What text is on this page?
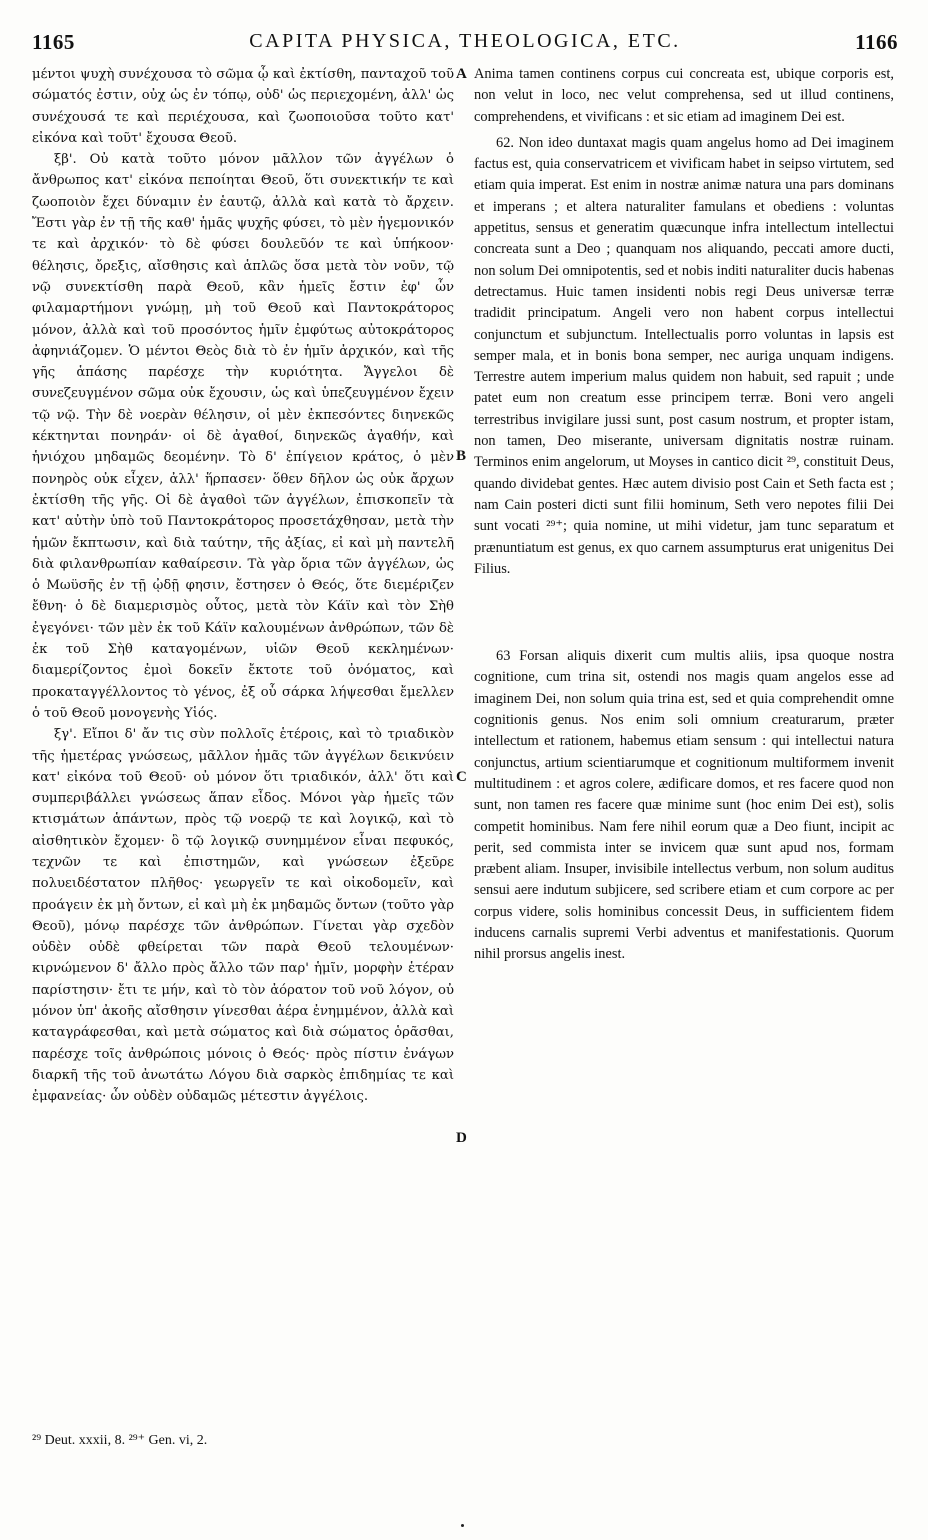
1165	CAPITA PHYSICA, THEOLOGICA, ETC.	1166

μέντοι ψυχὴ συνέχουσα τὸ σῶμα ᾧ καὶ ἐκτίσθη, πανταχοῦ τοῦ σώματός ἐστιν, οὐχ ὡς ἐν τόπῳ, οὐδ' ὡς περιεχομένη, ἀλλ' ὡς συνέχουσά τε καὶ περιέχουσα, καὶ ζωοποιοῦσα τοῦτο κατ' εἰκόνα καὶ τοῦτ' ἔχουσα Θεοῦ.

ξβ'. Οὐ κατὰ τοῦτο μόνον μᾶλλον τῶν ἀγγέλων ὁ ἄνθρωπος κατ' εἰκόνα πεποίηται Θεοῦ, ὅτι συνεκτικήν τε καὶ ζωοποιὸν ἔχει δύναμιν ἐν ἑαυτῷ, ἀλλὰ καὶ κατὰ τὸ ἄρχειν. Ἔστι γὰρ ἐν τῇ τῆς καθ' ἡμᾶς ψυχῆς φύσει, τὸ μὲν ἡγεμονικόν τε καὶ ἀρχικόν· τὸ δὲ φύσει δουλεῦόν τε καὶ ὑπήκοον· θέλησις, ὄρεξις, αἴσθησις καὶ ἁπλῶς ὅσα μετὰ τὸν νοῦν, τῷ νῷ συνεκτίσθη παρὰ Θεοῦ, κἂν ἡμεῖς ἔστιν ἐφ' ὧν φιλαμαρτήμονι γνώμῃ, μὴ τοῦ Θεοῦ καὶ Παντοκράτορος μόνον, ἀλλὰ καὶ τοῦ προσόντος ἡμῖν ἐμφύτως αὐτοκράτορος ἀφηνιάζομεν. Ὁ μέντοι Θεὸς διὰ τὸ ἐν ἡμῖν ἀρχικόν, καὶ τῆς γῆς ἁπάσης παρέσχε τὴν κυριότητα. Ἄγγελοι δὲ συνεζευγμένον σῶμα οὐκ ἔχουσιν, ὡς καὶ ὑπεζευγμένον ἔχειν τῷ νῷ. Τὴν δὲ νοερὰν θέλησιν, οἱ μὲν ἐκπεσόντες διηνεκῶς κέκτηνται πονηράν· οἱ δὲ ἀγαθοί, διηνεκῶς ἀγαθήν, καὶ ἡνιόχου μηδαμῶς δεομένην. Τὸ δ' ἐπίγειον κράτος, ὁ μὲν πονηρὸς οὐκ εἶχεν, ἀλλ' ἥρπασεν· ὅθεν δῆλον ὡς οὐκ ἄρχων ἐκτίσθη τῆς γῆς. Οἱ δὲ ἀγαθοὶ τῶν ἀγγέλων, ἐπισκοπεῖν τὰ κατ' αὐτὴν ὑπὸ τοῦ Παντοκράτορος προσετάχθησαν, μετὰ τὴν ἡμῶν ἔκπτωσιν, καὶ διὰ ταύτην, τῆς ἀξίας, εἰ καὶ μὴ παντελῆ διὰ φιλανθρωπίαν καθαίρεσιν. Τὰ γὰρ ὅρια τῶν ἀγγέλων, ὡς ὁ Μωϋσῆς ἐν τῇ ᾠδῇ φησιν, ἔστησεν ὁ Θεός, ὅτε διεμέριζεν ἔθνη· ὁ δὲ διαμερισμὸς οὗτος, μετὰ τὸν Κάϊν καὶ τὸν Σὴθ ἐγεγόνει· τῶν μὲν ἐκ τοῦ Κάϊν καλουμένων ἀνθρώπων, τῶν δὲ ἐκ τοῦ Σὴθ καταγομένων, υἱῶν Θεοῦ κεκλημένων· διαμερίζοντος ἐμοὶ δοκεῖν ἔκτοτε τοῦ ὀνόματος, καὶ προκαταγγέλλοντος τὸ γένος, ἐξ οὗ σάρκα λήψεσθαι ἔμελλεν ὁ τοῦ Θεοῦ μονογενὴς Υἱός.

ξγ'. Εἴποι δ' ἄν τις σὺν πολλοῖς ἑτέροις, καὶ τὸ τριαδικὸν τῆς ἡμετέρας γνώσεως, μᾶλλον ἡμᾶς τῶν ἀγγέλων δεικνύειν κατ' εἰκόνα τοῦ Θεοῦ· οὐ μόνον ὅτι τριαδικόν, ἀλλ' ὅτι καὶ συμπεριβάλλει γνώσεως ἅπαν εἶδος. Μόνοι γὰρ ἡμεῖς τῶν κτισμάτων ἁπάντων, πρὸς τῷ νοερῷ τε καὶ λογικῷ, καὶ τὸ αἰσθητικὸν ἔχομεν· ὃ τῷ λογικῷ συνημμένον εἶναι πεφυκός, τεχνῶν τε καὶ ἐπιστημῶν, καὶ γνώσεων ἐξεῦρε πολυειδέστατον πλῆθος· γεωργεῖν τε καὶ οἰκοδομεῖν, καὶ προάγειν ἐκ μὴ ὄντων, εἰ καὶ μὴ ἐκ μηδαμῶς ὄντων (τοῦτο γὰρ Θεοῦ), μόνῳ παρέσχε τῶν ἀνθρώπων. Γίνεται γὰρ σχεδὸν οὐδὲν οὐδὲ φθείρεται τῶν παρὰ Θεοῦ τελουμένων· κιρνώμενον δ' ἄλλο πρὸς ἄλλο τῶν παρ' ἡμῖν, μορφὴν ἑτέραν παρίστησιν· ἔτι τε μήν, καὶ τὸ τὸν ἀόρατον τοῦ νοῦ λόγον, οὐ μόνον ὑπ' ἀκοῆς αἴσθησιν γίνεσθαι ἀέρα ἐνημμένον, ἀλλὰ καὶ καταγράφεσθαι, καὶ μετὰ σώματος καὶ διὰ σώματος ὁρᾶσθαι, παρέσχε τοῖς ἀνθρώποις μόνοις ὁ Θεός· πρὸς πίστιν ἐνάγων διαρκῆ τῆς τοῦ ἀνωτάτω Λόγου διὰ σαρκὸς ἐπιδημίας τε καὶ ἐμφανείας· ὧν οὐδὲν οὐδαμῶς μέτεστιν ἀγγέλοις.

A
B
C
D

Anima tamen continens corpus cui concreata est, ubique corporis est, non velut in loco, nec velut comprehensa, sed ut illud continens, comprehendens, et vivificans : et sic etiam ad imaginem Dei est.

62. Non ideo duntaxat magis quam angelus homo ad Dei imaginem factus est, quia conservatricem et vivificam habet in seipso virtutem, sed etiam quia imperat. Est enim in nostræ animæ natura una pars dominans et imperans ; et altera naturaliter famulans et obediens : voluntas appetitus, sensus et generatim quæcunque infra intellectum intellectui concreata sunt a Deo ; quanquam nos aliquando, peccati amore ducti, non solum Dei omnipotentis, sed et nobis inditi naturaliter ducis habenas detrectamus. Huic tamen insidenti nobis regi Deus universæ terræ tradidit principatum. Angeli vero non habent corpus intellectui conjunctum et subjunctum. Intellectualis porro voluntas in lapsis est semper mala, et in bonis bona semper, nec auriga unquam indigens. Terrestre autem imperium malus quidem non habuit, sed rapuit ; unde patet eum non creatum esse principem terræ. Boni vero angeli terrestribus invigilare jussi sunt, post casum nostrum, et propter istam, non tamen, Deo miserante, universam dignitatis nostræ ruinam. Terminos enim angelorum, ut Moyses in cantico dicit ²⁹, constituit Deus, quando dividebat gentes. Hæc autem divisio post Cain et Seth facta est ; nam Cain posteri dicti sunt filii hominum, Seth vero nepotes filii Dei sunt vocati ²⁹⁺; quia nomine, ut mihi videtur, jam tunc separatum et prænuntiatum est genus, ex quo carnem assumpturus erat unigenitus Dei Filius.

63 Forsan aliquis dixerit cum multis aliis, ipsa quoque nostra cognitione, cum trina sit, ostendi nos magis quam angelos esse ad imaginem Dei, non solum quia trina est, sed et quia comprehendit omne cognitionis genus. Nos enim soli omnium creaturarum, præter intellectum et rationem, habemus etiam sensum : qui intellectui natura conjunctus, artium scientiarumque et cognitionum multiformem invenit multitudinem : et agros colere, ædificare domos, et res facere quod non sunt, non tamen res facere quæ minime sunt (hoc enim Dei est), solis competit hominibus. Nam fere nihil eorum quæ a Deo fiunt, incipit ac perit, sed commista inter se invicem quæ sunt apud nos, formam præbent aliam. Insuper, invisibile intellectus verbum, non solum auditus sensui aere indutum subjicere, sed scribere etiam et cum corpore ac per corpus videre, solis hominibus concessit Deus, in sufficientem fidem inducens carnalis supremi Verbi adventus et manifestationis. Quorum nihil prorsus angelis inest.

²⁹ Deut. xxxii, 8. ²⁹⁺ Gen. vi, 2.
